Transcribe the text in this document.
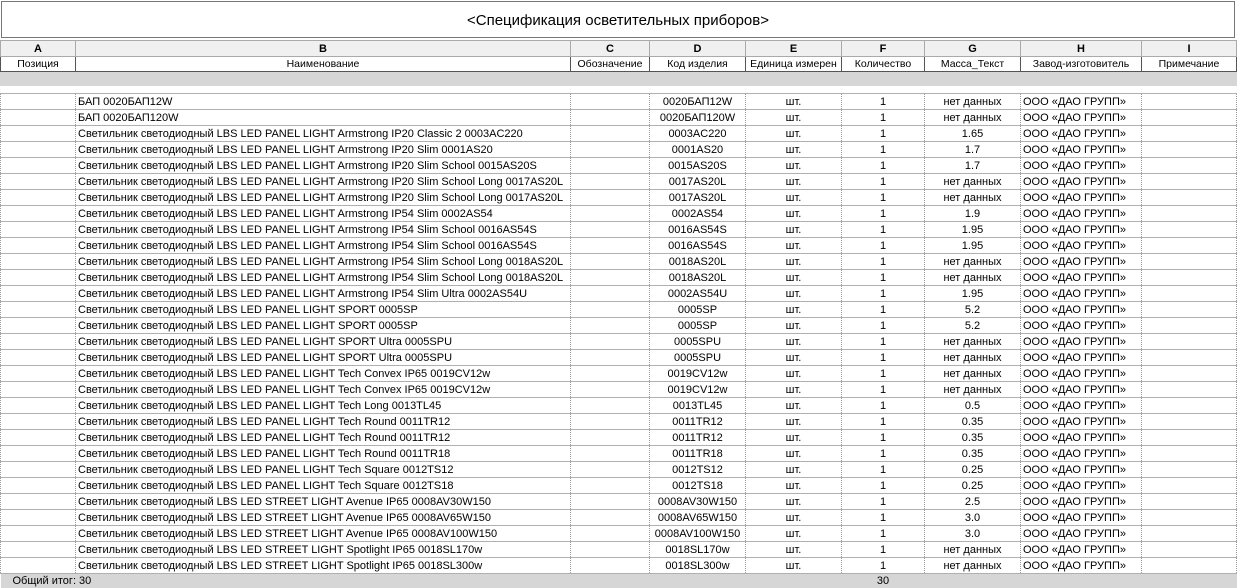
<Спецификация осветительных приборов>
A	B	C	D	E	F	G	H	I
Позиция	Наименование	Обозначение	Код изделия	Единица измерен	Количество	Масса_Текст	Завод-изготовитель	Примечание

	БАП 0020БАП12W		0020БАП12W	шт.	1	нет данных	ООО «ДАО ГРУПП»	
	БАП 0020БАП120W		0020БАП120W	шт.	1	нет данных	ООО «ДАО ГРУПП»	
	Светильник светодиодный LBS LED PANEL LIGHT Armstrong IP20 Classic 2 0003AC220		0003AC220	шт.	1	1.65	ООО «ДАО ГРУПП»	
	Светильник светодиодный LBS LED PANEL LIGHT Armstrong IP20 Slim 0001AS20		0001AS20	шт.	1	1.7	ООО «ДАО ГРУПП»	
	Светильник светодиодный LBS LED PANEL LIGHT Armstrong IP20 Slim School 0015AS20S		0015AS20S	шт.	1	1.7	ООО «ДАО ГРУПП»	
	Светильник светодиодный LBS LED PANEL LIGHT Armstrong IP20 Slim School Long 0017AS20L		0017AS20L	шт.	1	нет данных	ООО «ДАО ГРУПП»	
	Светильник светодиодный LBS LED PANEL LIGHT Armstrong IP20 Slim School Long 0017AS20L		0017AS20L	шт.	1	нет данных	ООО «ДАО ГРУПП»	
	Светильник светодиодный LBS LED PANEL LIGHT Armstrong IP54 Slim 0002AS54		0002AS54	шт.	1	1.9	ООО «ДАО ГРУПП»	
	Светильник светодиодный LBS LED PANEL LIGHT Armstrong IP54 Slim School 0016AS54S		0016AS54S	шт.	1	1.95	ООО «ДАО ГРУПП»	
	Светильник светодиодный LBS LED PANEL LIGHT Armstrong IP54 Slim School 0016AS54S		0016AS54S	шт.	1	1.95	ООО «ДАО ГРУПП»	
	Светильник светодиодный LBS LED PANEL LIGHT Armstrong IP54 Slim School Long 0018AS20L		0018AS20L	шт.	1	нет данных	ООО «ДАО ГРУПП»	
	Светильник светодиодный LBS LED PANEL LIGHT Armstrong IP54 Slim School Long 0018AS20L		0018AS20L	шт.	1	нет данных	ООО «ДАО ГРУПП»	
	Светильник светодиодный LBS LED PANEL LIGHT Armstrong IP54 Slim Ultra 0002AS54U		0002AS54U	шт.	1	1.95	ООО «ДАО ГРУПП»	
	Светильник светодиодный LBS LED PANEL LIGHT SPORT 0005SP		0005SP	шт.	1	5.2	ООО «ДАО ГРУПП»	
	Светильник светодиодный LBS LED PANEL LIGHT SPORT 0005SP		0005SP	шт.	1	5.2	ООО «ДАО ГРУПП»	
	Светильник светодиодный LBS LED PANEL LIGHT SPORT Ultra 0005SPU		0005SPU	шт.	1	нет данных	ООО «ДАО ГРУПП»	
	Светильник светодиодный LBS LED PANEL LIGHT SPORT Ultra 0005SPU		0005SPU	шт.	1	нет данных	ООО «ДАО ГРУПП»	
	Светильник светодиодный LBS LED PANEL LIGHT Tech Convex IP65 0019CV12w		0019CV12w	шт.	1	нет данных	ООО «ДАО ГРУПП»	
	Светильник светодиодный LBS LED PANEL LIGHT Tech Convex IP65 0019CV12w		0019CV12w	шт.	1	нет данных	ООО «ДАО ГРУПП»	
	Светильник светодиодный LBS LED PANEL LIGHT Tech Long 0013TL45		0013TL45	шт.	1	0.5	ООО «ДАО ГРУПП»	
	Светильник светодиодный LBS LED PANEL LIGHT Tech Round 0011TR12		0011TR12	шт.	1	0.35	ООО «ДАО ГРУПП»	
	Светильник светодиодный LBS LED PANEL LIGHT Tech Round 0011TR12		0011TR12	шт.	1	0.35	ООО «ДАО ГРУПП»	
	Светильник светодиодный LBS LED PANEL LIGHT Tech Round 0011TR18		0011TR18	шт.	1	0.35	ООО «ДАО ГРУПП»	
	Светильник светодиодный LBS LED PANEL LIGHT Tech Square 0012TS12		0012TS12	шт.	1	0.25	ООО «ДАО ГРУПП»	
	Светильник светодиодный LBS LED PANEL LIGHT Tech Square 0012TS18		0012TS18	шт.	1	0.25	ООО «ДАО ГРУПП»	
	Светильник светодиодный LBS LED STREET LIGHT Avenue IP65 0008AV30W150		0008AV30W150	шт.	1	2.5	ООО «ДАО ГРУПП»	
	Светильник светодиодный LBS LED STREET LIGHT Avenue IP65 0008AV65W150		0008AV65W150	шт.	1	3.0	ООО «ДАО ГРУПП»	
	Светильник светодиодный LBS LED STREET LIGHT Avenue IP65 0008AV100W150		0008AV100W150	шт.	1	3.0	ООО «ДАО ГРУПП»	
	Светильник светодиодный LBS LED STREET LIGHT Spotlight IP65 0018SL170w		0018SL170w	шт.	1	нет данных	ООО «ДАО ГРУПП»	
	Светильник светодиодный LBS LED STREET LIGHT Spotlight IP65 0018SL300w		0018SL300w	шт.	1	нет данных	ООО «ДАО ГРУПП»	
Общий итог: 30					30			
